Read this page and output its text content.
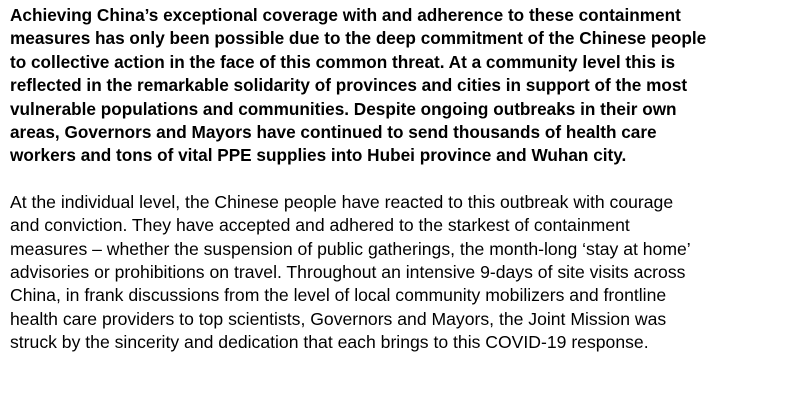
Achieving China’s exceptional coverage with and adherence to these containment

measures has only been possible due to the deep commitment of the Chinese people

to collective action in the face of this common threat. At a community level this is

reflected in the remarkable solidarity of provinces and cities in support of the most

vulnerable populations and communities. Despite ongoing outbreaks in their own

areas, Governors and Mayors have continued to send thousands of health care

workers and tons of vital PPE supplies into Hubei province and Wuhan city.

At the individual level, the Chinese people have reacted to this outbreak with courage

and conviction. They have accepted and adhered to the starkest of containment

measures – whether the suspension of public gatherings, the month-long ‘stay at home’

advisories or prohibitions on travel. Throughout an intensive 9-days of site visits across

China, in frank discussions from the level of local community mobilizers and frontline

health care providers to top scientists, Governors and Mayors, the Joint Mission was

struck by the sincerity and dedication that each brings to this COVID-19 response.
